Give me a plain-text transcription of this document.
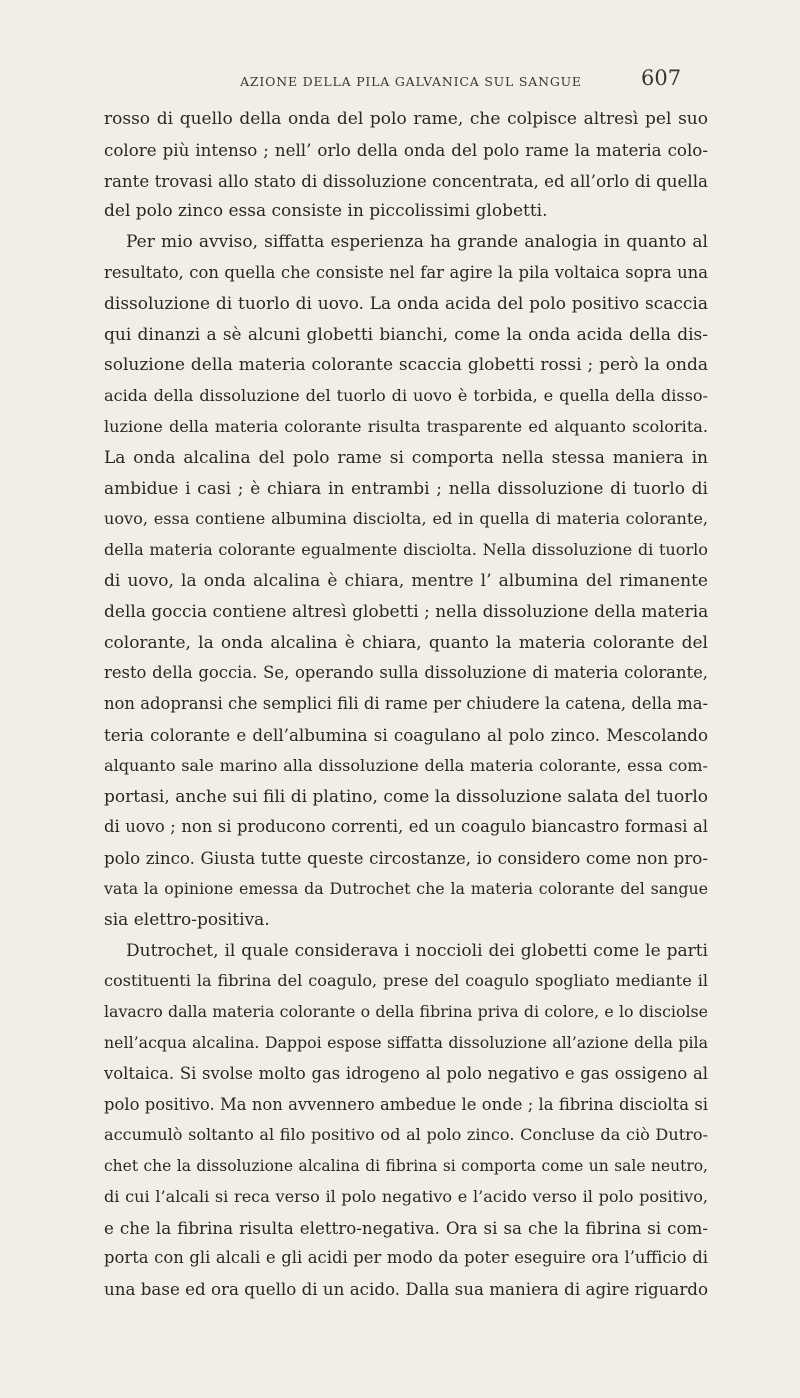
AZIONE DELLA PILA GALVANICA SUL SANGUE	607
rosso di quello della onda del polo rame, che colpisce altresì pel suo
colore più intenso ; nell’ orlo della onda del polo rame la materia colo-
rante trovasi allo stato di dissoluzione concentrata, ed all’orlo di quella
del polo zinco essa consiste in piccolissimi globetti.
Per mio avviso, siffatta esperienza ha grande analogia in quanto al
resultato, con quella che consiste nel far agire la pila voltaica sopra una
dissoluzione di tuorlo di uovo. La onda acida del polo positivo scaccia
qui dinanzi a sè alcuni globetti bianchi, come la onda acida della dis-
soluzione della materia colorante scaccia globetti rossi ; però la onda
acida della dissoluzione del tuorlo di uovo è torbida, e quella della disso-
luzione della materia colorante risulta trasparente ed alquanto scolorita.
La onda alcalina del polo rame si comporta nella stessa maniera in
ambidue i casi ; è chiara in entrambi ; nella dissoluzione di tuorlo di
uovo, essa contiene albumina disciolta, ed in quella di materia colorante,
della materia colorante egualmente disciolta. Nella dissoluzione di tuorlo
di uovo, la onda alcalina è chiara, mentre l’ albumina del rimanente
della goccia contiene altresì globetti ; nella dissoluzione della materia
colorante, la onda alcalina è chiara, quanto la materia colorante del
resto della goccia. Se, operando sulla dissoluzione di materia colorante,
non adopransi che semplici fili di rame per chiudere la catena, della ma-
teria colorante e dell’albumina si coagulano al polo zinco. Mescolando
alquanto sale marino alla dissoluzione della materia colorante, essa com-
portasi, anche sui fili di platino, come la dissoluzione salata del tuorlo
di uovo ; non si producono correnti, ed un coagulo biancastro formasi al
polo zinco. Giusta tutte queste circostanze, io considero come non pro-
vata la opinione emessa da Dutrochet che la materia colorante del sangue
sia elettro-positiva.
Dutrochet, il quale considerava i noccioli dei globetti come le parti
costituenti la fibrina del coagulo, prese del coagulo spogliato mediante il
lavacro dalla materia colorante o della fibrina priva di colore, e lo disciolse
nell’acqua alcalina. Dappoi espose siffatta dissoluzione all’azione della pila
voltaica. Si svolse molto gas idrogeno al polo negativo e gas ossigeno al
polo positivo. Ma non avvennero ambedue le onde ; la fibrina disciolta si
accumulò soltanto al filo positivo od al polo zinco. Concluse da ciò Dutro-
chet che la dissoluzione alcalina di fibrina si comporta come un sale neutro,
di cui l’alcali si reca verso il polo negativo e l’acido verso il polo positivo,
e che la fibrina risulta elettro-negativa. Ora si sa che la fibrina si com-
porta con gli alcali e gli acidi per modo da poter eseguire ora l’ufficio di
una base ed ora quello di un acido. Dalla sua maniera di agire riguardo
